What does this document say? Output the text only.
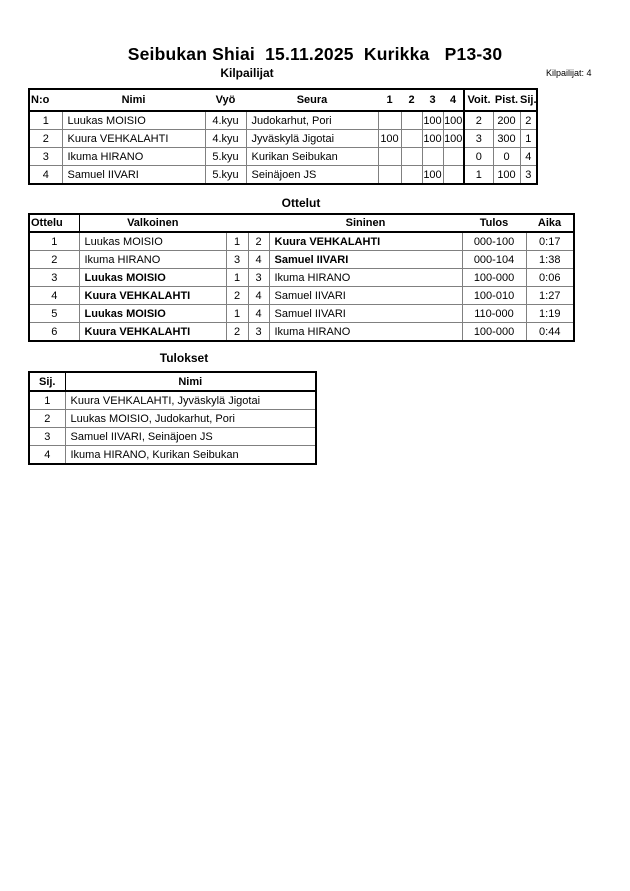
Seibukan Shiai  15.11.2025  Kurikka   P13-30
Kilpailijat	Kilpailijat: 4
N:o	Nimi	Vyö	Seura	1	2	3	4	Voit.	Pist.	Sij.
1	Luukas MOISIO	4.kyu	Judokarhut, Pori			100	100	2	200	2
2	Kuura VEHKALAHTI	4.kyu	Jyväskylä Jigotai	100		100	100	3	300	1
3	Ikuma HIRANO	5.kyu	Kurikan Seibukan					0	0	4
4	Samuel IIVARI	5.kyu	Seinäjoen JS			100		1	100	3
Ottelut
Ottelu	Valkoinen			Sininen	Tulos	Aika
1	Luukas MOISIO	1	2	Kuura VEHKALAHTI	000-100	0:17
2	Ikuma HIRANO	3	4	Samuel IIVARI	000-104	1:38
3	Luukas MOISIO	1	3	Ikuma HIRANO	100-000	0:06
4	Kuura VEHKALAHTI	2	4	Samuel IIVARI	100-010	1:27
5	Luukas MOISIO	1	4	Samuel IIVARI	110-000	1:19
6	Kuura VEHKALAHTI	2	3	Ikuma HIRANO	100-000	0:44
Tulokset
Sij.	Nimi
1	Kuura VEHKALAHTI, Jyväskylä Jigotai
2	Luukas MOISIO, Judokarhut, Pori
3	Samuel IIVARI, Seinäjoen JS
4	Ikuma HIRANO, Kurikan Seibukan
